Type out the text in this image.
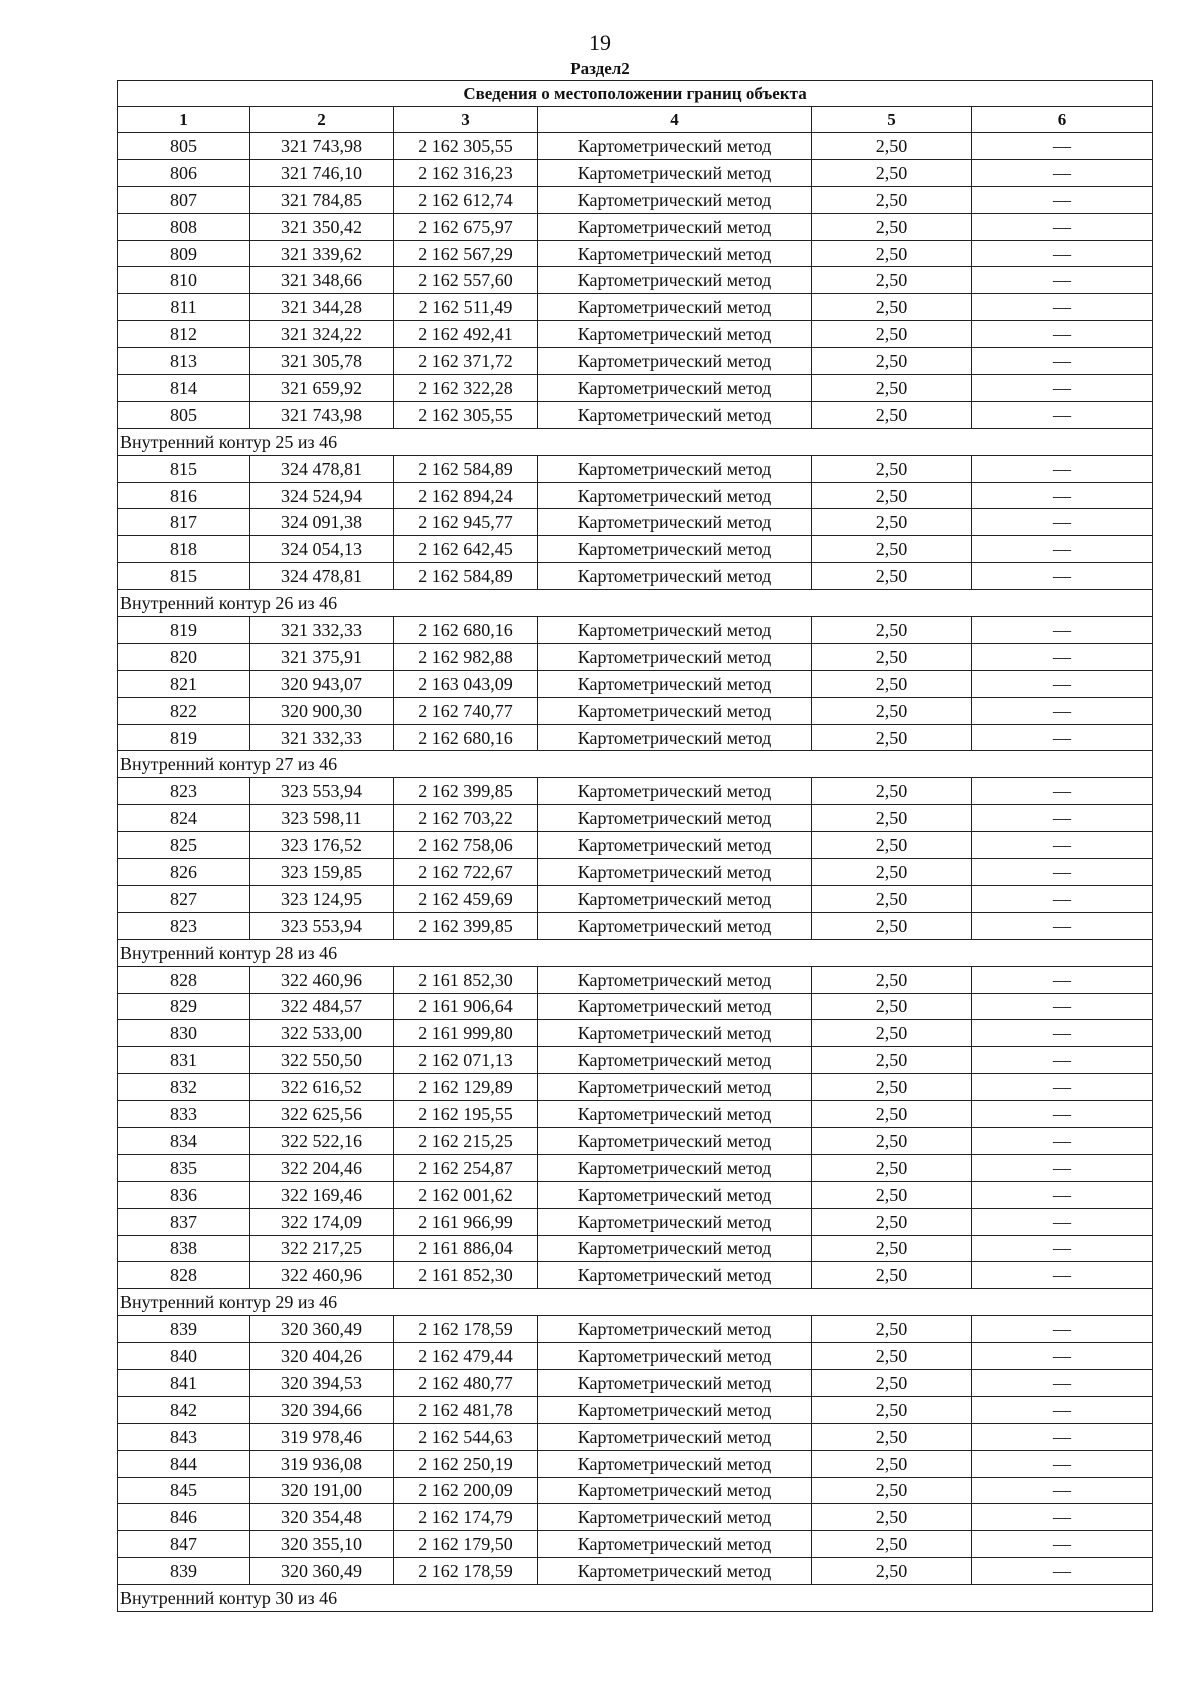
19
Раздел2
Сведения о местоположении границ объекта					
1	2	3	4	5	6
805	321 743,98	2 162 305,55	Картометрический метод	2,50	—
806	321 746,10	2 162 316,23	Картометрический метод	2,50	—
807	321 784,85	2 162 612,74	Картометрический метод	2,50	—
808	321 350,42	2 162 675,97	Картометрический метод	2,50	—
809	321 339,62	2 162 567,29	Картометрический метод	2,50	—
810	321 348,66	2 162 557,60	Картометрический метод	2,50	—
811	321 344,28	2 162 511,49	Картометрический метод	2,50	—
812	321 324,22	2 162 492,41	Картометрический метод	2,50	—
813	321 305,78	2 162 371,72	Картометрический метод	2,50	—
814	321 659,92	2 162 322,28	Картометрический метод	2,50	—
805	321 743,98	2 162 305,55	Картометрический метод	2,50	—
Внутренний контур 25 из 46					
815	324 478,81	2 162 584,89	Картометрический метод	2,50	—
816	324 524,94	2 162 894,24	Картометрический метод	2,50	—
817	324 091,38	2 162 945,77	Картометрический метод	2,50	—
818	324 054,13	2 162 642,45	Картометрический метод	2,50	—
815	324 478,81	2 162 584,89	Картометрический метод	2,50	—
Внутренний контур 26 из 46					
819	321 332,33	2 162 680,16	Картометрический метод	2,50	—
820	321 375,91	2 162 982,88	Картометрический метод	2,50	—
821	320 943,07	2 163 043,09	Картометрический метод	2,50	—
822	320 900,30	2 162 740,77	Картометрический метод	2,50	—
819	321 332,33	2 162 680,16	Картометрический метод	2,50	—
Внутренний контур 27 из 46					
823	323 553,94	2 162 399,85	Картометрический метод	2,50	—
824	323 598,11	2 162 703,22	Картометрический метод	2,50	—
825	323 176,52	2 162 758,06	Картометрический метод	2,50	—
826	323 159,85	2 162 722,67	Картометрический метод	2,50	—
827	323 124,95	2 162 459,69	Картометрический метод	2,50	—
823	323 553,94	2 162 399,85	Картометрический метод	2,50	—
Внутренний контур 28 из 46					
828	322 460,96	2 161 852,30	Картометрический метод	2,50	—
829	322 484,57	2 161 906,64	Картометрический метод	2,50	—
830	322 533,00	2 161 999,80	Картометрический метод	2,50	—
831	322 550,50	2 162 071,13	Картометрический метод	2,50	—
832	322 616,52	2 162 129,89	Картометрический метод	2,50	—
833	322 625,56	2 162 195,55	Картометрический метод	2,50	—
834	322 522,16	2 162 215,25	Картометрический метод	2,50	—
835	322 204,46	2 162 254,87	Картометрический метод	2,50	—
836	322 169,46	2 162 001,62	Картометрический метод	2,50	—
837	322 174,09	2 161 966,99	Картометрический метод	2,50	—
838	322 217,25	2 161 886,04	Картометрический метод	2,50	—
828	322 460,96	2 161 852,30	Картометрический метод	2,50	—
Внутренний контур 29 из 46					
839	320 360,49	2 162 178,59	Картометрический метод	2,50	—
840	320 404,26	2 162 479,44	Картометрический метод	2,50	—
841	320 394,53	2 162 480,77	Картометрический метод	2,50	—
842	320 394,66	2 162 481,78	Картометрический метод	2,50	—
843	319 978,46	2 162 544,63	Картометрический метод	2,50	—
844	319 936,08	2 162 250,19	Картометрический метод	2,50	—
845	320 191,00	2 162 200,09	Картометрический метод	2,50	—
846	320 354,48	2 162 174,79	Картометрический метод	2,50	—
847	320 355,10	2 162 179,50	Картометрический метод	2,50	—
839	320 360,49	2 162 178,59	Картометрический метод	2,50	—
Внутренний контур 30 из 46					
